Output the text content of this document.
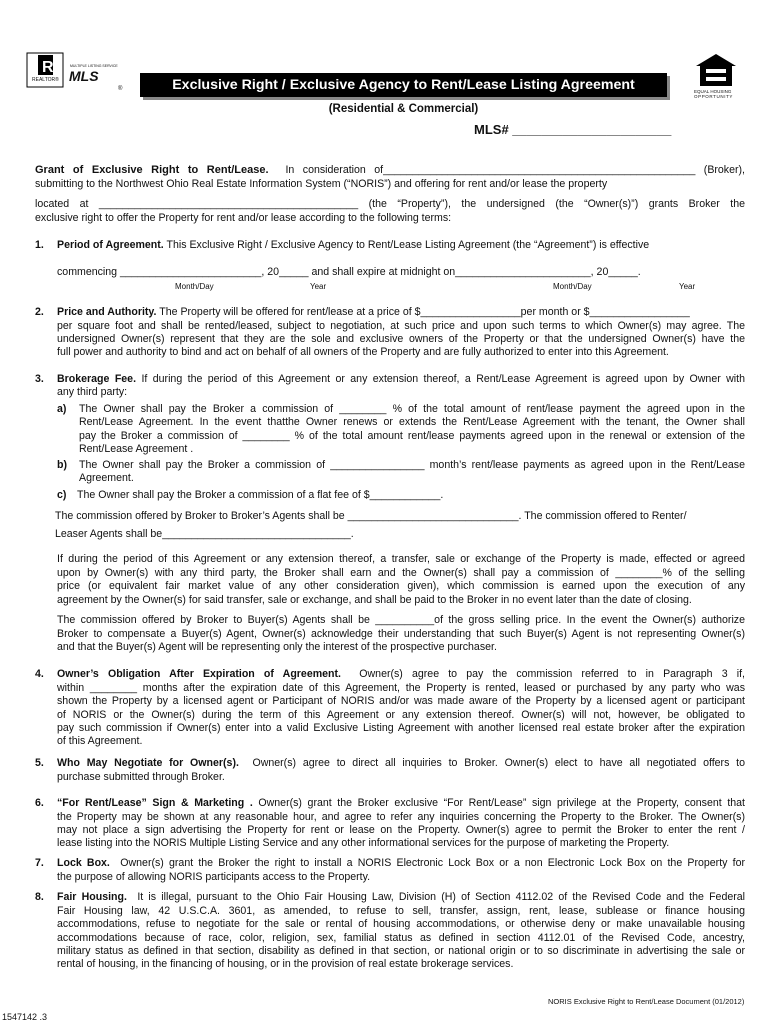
R
REALTOR®
MULTIPLE LISTING SERVICE
MLS
®	EQUAL HOUSING
OPPORTUNITY
Exclusive Right / Exclusive Agency to Rent/Lease Listing Agreement
(Residential & Commercial)
MLS# ______________________
Grant of Exclusive Right to Rent/Lease. In consideration of_____________________________________________________ (Broker),
submitting to the Northwest Ohio Real Estate Information System (“NORIS”) and offering for rent and/or lease the property
located at ____________________________________________ (the “Property”), the undersigned (the “Owner(s)”) grants Broker the
exclusive right to offer the Property for rent and/or lease according to the following terms:
1. Period of Agreement. This Exclusive Right / Exclusive Agency to Rent/Lease Listing Agreement (the “Agreement”) is effective
commencing ________________________, 20_____ and shall expire at midnight on_______________________, 20_____.
Month/Day	Year	Month/Day	Year
2. Price and Authority. The Property will be offered for rent/lease at a price of $_________________per month or $_________________
per square foot and shall be rented/leased, subject to negotiation, at such price and upon such terms to which Owner(s) may agree. The
undersigned Owner(s) represent that they are the sole and exclusive owners of the Property or that the undersigned Owner(s) have the
full power and authority to bind and act on behalf of all owners of the Property and are fully authorized to enter into this Agreement.
3. Brokerage Fee. If during the period of this Agreement or any extension thereof, a Rent/Lease Agreement is agreed upon by Owner with
any third party:
a) The Owner shall pay the Broker a commission of ________ % of the total amount of rent/lease payment the agreed upon in the
Rent/Lease Agreement. In the event thatthe Owner renews or extends the Rent/Lease Agreement with the tenant, the Owner shall
pay the Broker a commission of ________ % of the total amount rent/lease payments agreed upon in the renewal or extension of the
Rent/Lease Agreement .
b) The Owner shall pay the Broker a commission of ________________ month’s rent/lease payments as agreed upon in the Rent/Lease
Agreement.
c) The Owner shall pay the Broker a commission of a flat fee of $____________.
The commission offered by Broker to Broker’s Agents shall be _____________________________. The commission offered to Renter/
Leaser Agents shall be________________________________.
If during the period of this Agreement or any extension thereof, a transfer, sale or exchange of the Property is made, effected or agreed
upon by Owner(s) with any third party, the Broker shall earn and the Owner(s) shall pay a commission of ________% of the selling
price (or equivalent fair market value of any other consideration given), which commission is earned upon the execution of any
agreement by the Owner(s) for said transfer, sale or exchange, and shall be paid to the Broker in no event later than the date of closing.
The commission offered by Broker to Buyer(s) Agents shall be __________of the gross selling price. In the event the Owner(s) authorize
Broker to compensate a Buyer(s) Agent, Owner(s) acknowledge their understanding that such Buyer(s) Agent is not representing Owner(s)
and that the Buyer(s) Agent will be representing only the interest of the prospective purchaser.
4. Owner’s Obligation After Expiration of Agreement. Owner(s) agree to pay the commission referred to in Paragraph 3 if,
within ________ months after the expiration date of this Agreement, the Property is rented, leased or purchased by any party who was
shown the Property by a licensed agent or Participant of NORIS and/or was made aware of the Property by a licensed agent or participant
of NORIS or the Owner(s) during the term of this Agreement or any extension thereof. Owner(s) will not, however, be obligated to
pay such commission if Owner(s) enter into a valid Exclusive Listing Agreement with another licensed real estate broker after the expiration
of this Agreement.
5. Who May Negotiate for Owner(s). Owner(s) agree to direct all inquiries to Broker. Owner(s) elect to have all negotiated offers to
purchase submitted through Broker.
6. “For Rent/Lease” Sign & Marketing . Owner(s) grant the Broker exclusive “For Rent/Lease” sign privilege at the Property, consent that
the Property may be shown at any reasonable hour, and agree to refer any inquiries concerning the Property to the Broker. The Owner(s)
may not place a sign advertising the Property for rent or lease on the Property. Owner(s) agree to permit the Broker to enter the rent /
lease listing into the NORIS Multiple Listing Service and any other informational services for the purpose of marketing the Property.
7. Lock Box. Owner(s) grant the Broker the right to install a NORIS Electronic Lock Box or a non Electronic Lock Box on the Property for
the purpose of allowing NORIS participants access to the Property.
8. Fair Housing. It is illegal, pursuant to the Ohio Fair Housing Law, Division (H) of Section 4112.02 of the Revised Code and the Federal
Fair Housing law, 42 U.S.C.A. 3601, as amended, to refuse to sell, transfer, assign, rent, lease, sublease or finance housing
accommodations, refuse to negotiate for the sale or rental of housing accommodations, or otherwise deny or make unavailable housing
accommodations because of race, color, religion, sex, familial status as defined in section 4112.01 of the Revised Code, ancestry,
military status as defined in that section, disability as defined in that section, or national origin or to so discriminate in advertising the sale or
rental of housing, in the financing of housing, or in the provision of real estate brokerage services.
NORIS Exclusive Right to Rent/Lease Document (01/2012)
1547142 .3
